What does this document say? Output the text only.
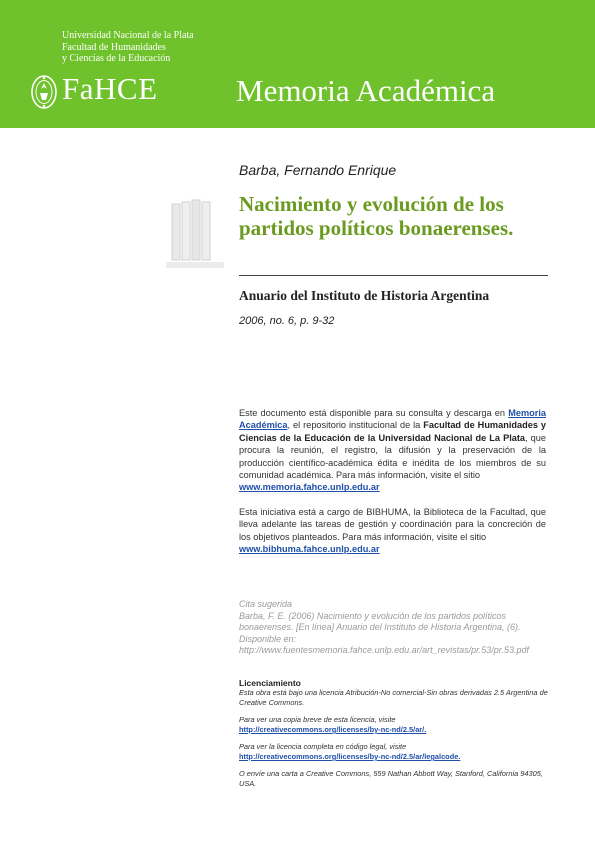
Universidad Nacional de la Plata
Facultad de Humanidades
y Ciencias de la Educación
FaHCE	Memoria Académica
Barba, Fernando Enrique
Nacimiento y evolución de los partidos políticos bonaerenses.
Anuario del Instituto de Historia Argentina
2006, no. 6, p. 9-32

Este documento está disponible para su consulta y descarga en Memoria Académica, el repositorio institucional de la Facultad de Humanidades y Ciencias de la Educación de la Universidad Nacional de La Plata, que procura la reunión, el registro, la difusión y la preservación de la producción científico-académica édita e inédita de los miembros de su comunidad académica. Para más información, visite el sitio
www.memoria.fahce.unlp.edu.ar

Esta iniciativa está a cargo de BIBHUMA, la Biblioteca de la Facultad, que lleva adelante las tareas de gestión y coordinación para la concreción de los objetivos planteados. Para más información, visite el sitio
www.bibhuma.fahce.unlp.edu.ar

Cita sugerida

Barba, F. E. (2006) Nacimiento y evolución de los partidos políticos bonaerenses. [En línea] Anuario del Instituto de Historia Argentina, (6). Disponible en: http://www.fuentesmemoria.fahce.unlp.edu.ar/art_revistas/pr.53/pr.53.pdf

Licenciamiento

Esta obra está bajo una licencia Atribución-No comercial-Sin obras derivadas 2.5 Argentina de Creative Commons.

Para ver una copia breve de esta licencia, visite

http://creativecommons.org/licenses/by-nc-nd/2.5/ar/.

Para ver la licencia completa en código legal, visite

http://creativecommons.org/licenses/by-nc-nd/2.5/ar/legalcode.

O envíe una carta a Creative Commons, 559 Nathan Abbott Way, Stanford, California 94305, USA.
